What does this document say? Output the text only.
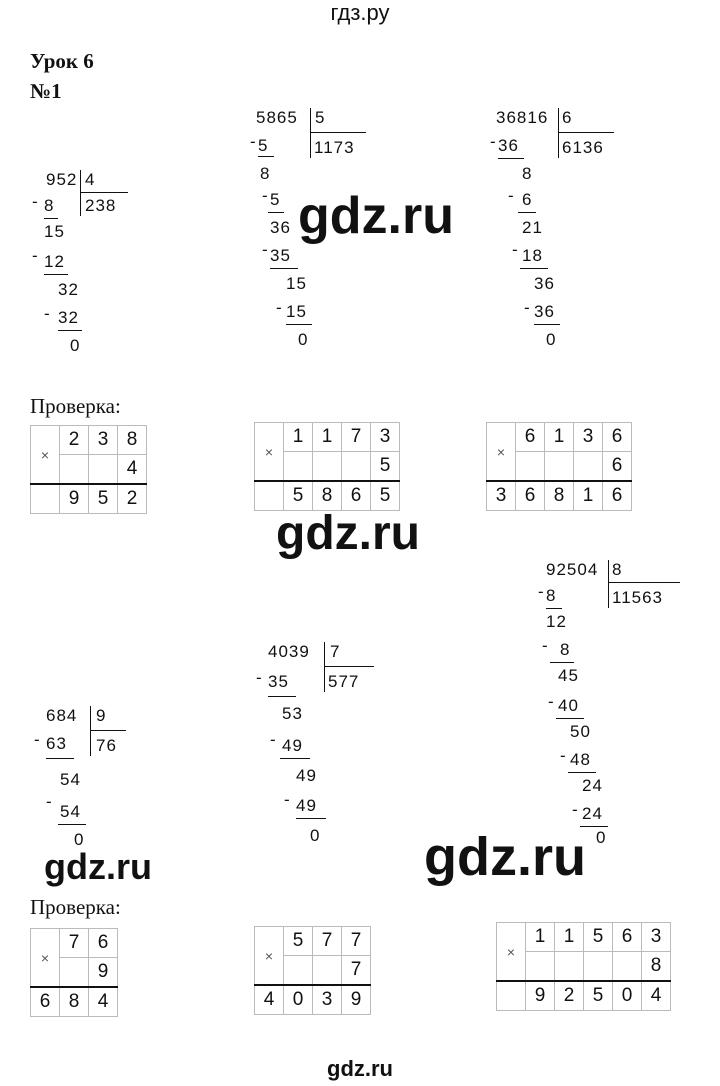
гдз.ру
Урок 6
№1
952 4
238
- 8
15
- 12
32
- 32
0
5865 5
1173
- 5
8
- 5
36
- 35
15
- 15
0
36816 6
6136
- 36
8
- 6
21
- 18
36
- 36
0
Проверка:
×	2	3	8
			4
	9	5	2
×	1	1	7	3
				5
	5	8	6	5
×	6	1	3	6
				6
3	6	8	1	6
684 9
76
- 63
54
-
54
0
4039 7
577
- 35
53
- 49
49
- 49
0
92504 8
11563
- 8
12
- 8
45
- 40
50
- 48
24
- 24
0
Проверка:
×	7	6
		9
6	8	4
×	5	7	7
			7
4	0	3	9
×	1	1	5	6	3
					8
	9	2	5	0	4
gdz.ru
gdz.ru
gdz.ru	gdz.ru
gdz.ru
